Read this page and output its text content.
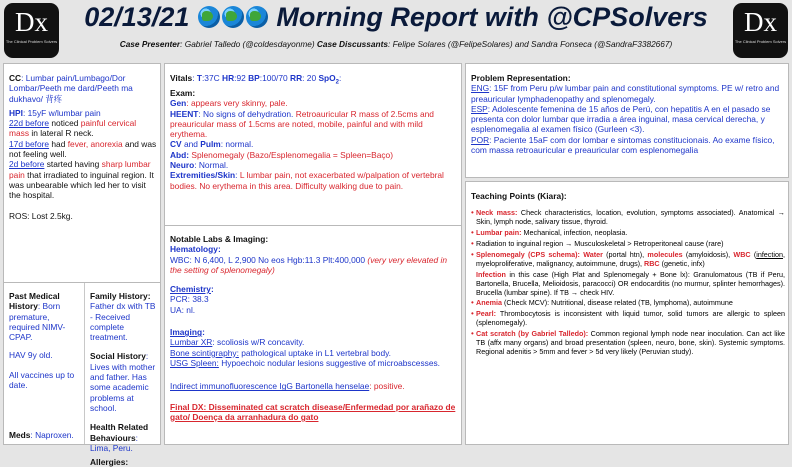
Dx
The Clinical Problem Solvers
Dx
The Clinical Problem Solvers
02/13/21	Morning Report with @CPSolvers
Case Presenter: Gabriel Talledo (@coldesdayonme) Case Discussants: Felipe Solares (@FelipeSolares) and Sandra Fonseca (@SandraF3382667)
CC: Lumbar pain/Lumbago/Dor Lombar/Peeth me dard/Peeth ma dukhavo/ 背疼
HPI: 15yF w/lumbar pain
22d before noticed painful cervical mass in lateral R neck.
17d before had fever, anorexia and was not feeling well.
2d before started having sharp lumbar pain that irradiated to inguinal region. It was unbearable which led her to visit the hospital.
ROS: Lost 2.5kg.
Past Medical History: Born premature, required NIMV- CPAP.
HAV 9y old.
All vaccines up to date.
Meds: Naproxen.
Family History:
Father dx with TB - Received complete treatment.
Social History: Lives with mother and father. Has some academic problems at school.
Health Related Behaviours: Lima, Peru.
Allergies:
Vitals: T:37C HR:92 BP:100/70 RR: 20 SpO$_2$:
Exam:
Gen: appears very skinny, pale.
HEENT: No signs of dehydration. Retroauricular R mass of 2.5cms and preauricular mass of 1.5cms are noted, mobile, painful and with mild erythema.
CV and Pulm: normal.
Abd: Splenomegaly (Bazo/Esplenomegalia = Spleen=Baço)
Neuro: Normal.
Extremities/Skin: L lumbar pain, not exacerbated w/palpation of vertebral bodies. No erythema in this area. Difficulty walking due to pain.
Notable Labs & Imaging:
Hematology:
WBC: N 6,400, L 2,900 No eos Hgb:11.3 Plt:400,000 (very very elevated in the setting of splenomegaly)
Chemistry:
PCR: 38.3
UA: nl.
Imaging:
Lumbar XR: scoliosis w/R concavity.
Bone scintigraphy: pathological uptake in L1 vertebral body.
USG Spleen: Hypoechoic nodular lesions suggestive of microabscesses.
Indirect immunofluorescence IgG Bartonella henselae: positive.
Final DX: Disseminated cat scratch disease/Enfermedad por arañazo de gato/ Doença da arranhadura do gato
Problem Representation:
ENG: 15F from Peru p/w lumbar pain and constitutional symptoms. PE w/ retro and preauricular lymphadenopathy and splenomegaly.
ESP: Adolescente femenina de 15 años de Perú, con hepatitis A en el pasado se presenta con dolor lumbar que irradia a área inguinal, masa cervical derecha, y esplenomegalia al examen físico (Gurleen <3).
POR: Paciente 15aF com dor lombar e sintomas constitucionais. Ao exame físico, com massa retroauricular e preauricular com esplenomegalia
Teaching Points (Kiara):
• Neck mass: Check characteristics, location, evolution, symptoms associated). Anatomical → Skin, lymph node, salivary tissue, thyroid.
• Lumbar pain: Mechanical, infection, neoplasia.
• Radiation to inguinal region → Musculoskeletal > Retroperitoneal cause (rare)
• Splenomegaly (CPS schema): Water (portal htn), molecules (amyloidosis), WBC (infection, myeloproliferative, malignancy, autoimmune, drugs), RBC (genetic, infx)
Infection in this case (High Plat and Splenomegaly + Bone lx): Granulomatous (TB if Peru, Bartonella, Brucella, Melioidosis, paracocci) OR endocarditis (no murmur, splinter hemorrhages). Brucella (lumbar spine). If TB → check HIV.
• Anemia (Check MCV): Nutritional, disease related (TB, lymphoma), autoimmune
• Pearl: Thrombocytosis is inconsistent with liquid tumor, solid tumors are allergic to spleen (splenomegaly).
• Cat scratch (by Gabriel Talledo): Common regional lymph node near inoculation. Can act like TB (affx many organs) and broad presentation (spleen, neuro, bone, skin). Systemic symptoms. Regional adenitis > 5mm and fever > 5d very likely (Peruvian study).
